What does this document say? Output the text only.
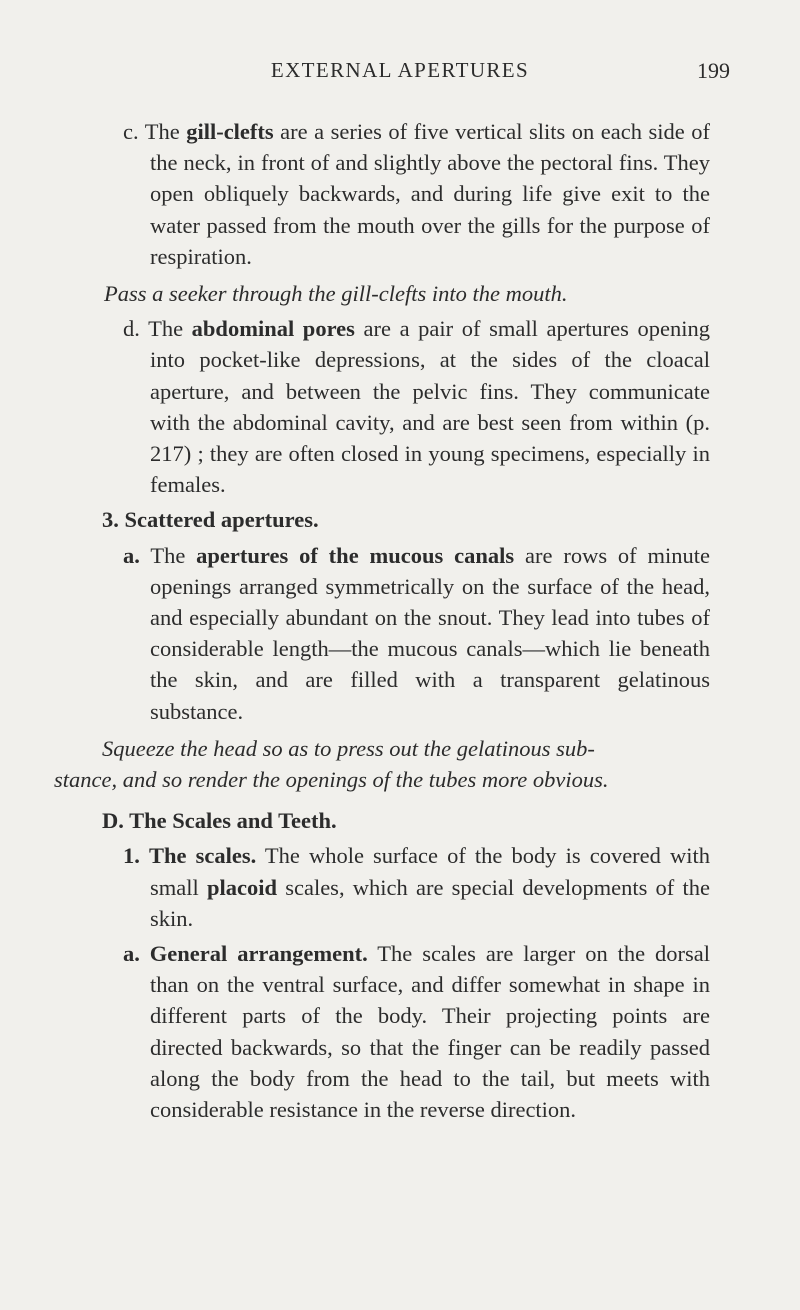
EXTERNAL APERTURES	199

c. The gill-clefts are a series of five vertical slits on each side of the neck, in front of and slightly above the pectoral fins. They open obliquely backwards, and during life give exit to the water passed from the mouth over the gills for the purpose of respiration.

Pass a seeker through the gill-clefts into the mouth.

d. The abdominal pores are a pair of small apertures opening into pocket-like depressions, at the sides of the cloacal aperture, and between the pelvic fins. They communicate with the abdominal cavity, and are best seen from within (p. 217) ; they are often closed in young specimens, especially in females.

3. Scattered apertures.

a. The apertures of the mucous canals are rows of minute openings arranged symmetrically on the surface of the head, and especially abundant on the snout. They lead into tubes of considerable length—the mucous canals—which lie beneath the skin, and are filled with a transparent gelatinous substance.

Squeeze the head so as to press out the gelatinous sub-
stance, and so render the openings of the tubes more obvious.

D. The Scales and Teeth.

1. The scales. The whole surface of the body is covered with small placoid scales, which are special developments of the skin.

a. General arrangement. The scales are larger on the dorsal than on the ventral surface, and differ somewhat in shape in different parts of the body. Their projecting points are directed backwards, so that the finger can be readily passed along the body from the head to the tail, but meets with considerable resistance in the reverse direction.
